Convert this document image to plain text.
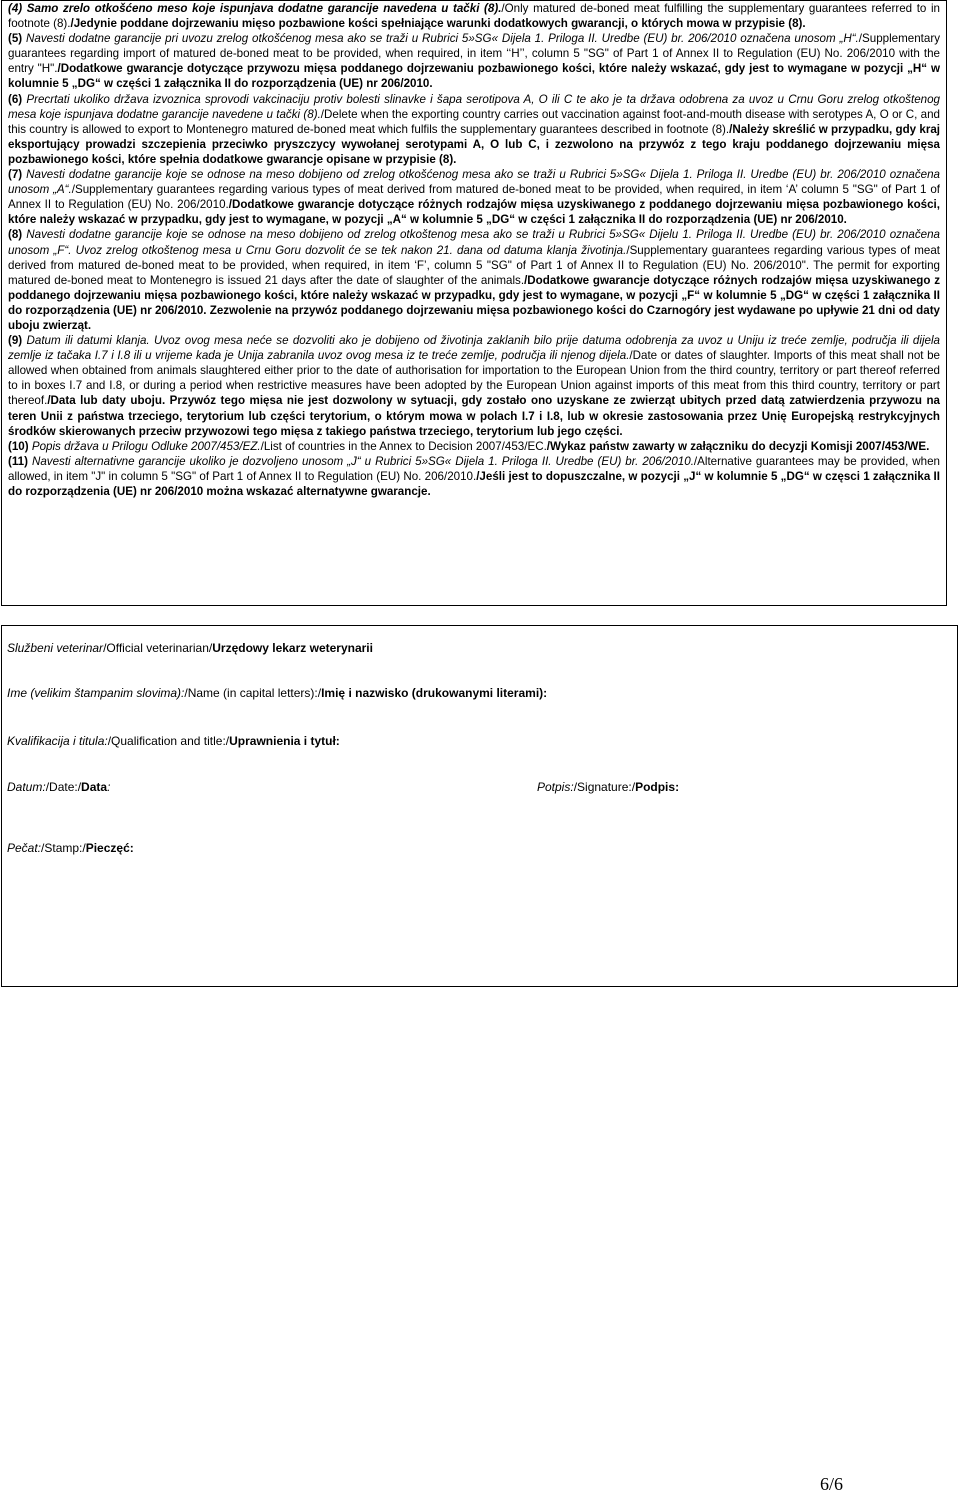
(4) Samo zrelo otkošćeno meso koje ispunjava dodatne garancije navedena u tački (8)./Only matured de-boned meat fulfilling the supplementary guarantees referred to in footnote (8)./Jedynie poddane dojrzewaniu mięso pozbawione kości spełniające warunki dodatkowych gwarancji, o których mowa w przypisie (8).

(5) Navesti dodatne garancije pri uvozu zrelog otkošćenog mesa ako se traži u Rubrici 5»SG« Dijela 1. Priloga II. Uredbe (EU) br. 206/2010 označena unosom „H“./Supplementary guarantees regarding import of matured de-boned meat to be provided, when required, in item ‘‘H’’, column 5 "SG" of Part 1 of Annex II to Regulation (EU) No. 206/2010 with the entry "H"./Dodatkowe gwarancje dotyczące przywozu mięsa poddanego dojrzewaniu pozbawionego kości, które należy wskazać, gdy jest to wymagane w pozycji „H“ w kolumnie 5 „DG“ w części 1 załącznika II do rozporządzenia (UE) nr 206/2010.

(6) Precrtati ukoliko država izvoznica sprovodi vakcinaciju protiv bolesti slinavke i šapa serotipova A, O ili C te ako je ta država odobrena za uvoz u Crnu Goru zrelog otkoštenog mesa koje ispunjava dodatne garancije navedene u tački (8)./Delete when the exporting country carries out vaccination against foot-and-mouth disease with serotypes A, O or C, and this country is allowed to export to Montenegro matured de-boned meat which fulfils the supplementary guarantees described in footnote (8)./Należy skreślić w przypadku, gdy kraj eksportujący prowadzi szczepienia przeciwko pryszczycy wywołanej serotypami A, O lub C, i zezwolono na przywóz z tego kraju poddanego dojrzewaniu mięsa pozbawionego kości, które spełnia dodatkowe gwarancje opisane w przypisie (8).

(7) Navesti dodatne garancije koje se odnose na meso dobijeno od zrelog otkošćenog mesa ako se traži u Rubrici 5»SG« Dijela 1. Priloga II. Uredbe (EU) br. 206/2010 označena unosom „A“./Supplementary guarantees regarding various types of meat derived from matured de-boned meat to be provided, when required, in item ‘A’ column 5 "SG" of Part 1 of Annex II to Regulation (EU) No. 206/2010./Dodatkowe gwarancje dotyczące różnych rodzajów mięsa uzyskiwanego z poddanego dojrzewaniu mięsa pozbawionego kości, które należy wskazać w przypadku, gdy jest to wymagane, w pozycji „A“ w kolumnie 5 „DG“ w części 1 załącznika II do rozporządzenia (UE) nr 206/2010.

(8) Navesti dodatne garancije koje se odnose na meso dobijeno od zrelog otkoštenog mesa ako se traži u Rubrici 5»SG« Dijelu 1. Priloga II. Uredbe (EU) br. 206/2010 označena unosom „F“. Uvoz zrelog otkoštenog mesa u Crnu Goru dozvolit će se tek nakon 21. dana od datuma klanja životinja./Supplementary guarantees regarding various types of meat derived from matured de-boned meat to be provided, when required, in item ‘F’, column 5 "SG" of Part 1 of Annex II to Regulation (EU) No. 206/2010". The permit for exporting matured de-boned meat to Montenegro is issued 21 days after the date of slaughter of the animals./Dodatkowe gwarancje dotyczące różnych rodzajów mięsa uzyskiwanego z poddanego dojrzewaniu mięsa pozbawionego kości, które należy wskazać w przypadku, gdy jest to wymagane, w pozycji „F“ w kolumnie 5 „DG“ w części 1 załącznika II do rozporządzenia (UE) nr 206/2010. Zezwolenie na przywóz poddanego dojrzewaniu mięsa pozbawionego kości do Czarnogóry jest wydawane po upływie 21 dni od daty uboju zwierząt.

(9) Datum ili datumi klanja. Uvoz ovog mesa neće se dozvoliti ako je dobijeno od životinja zaklanih bilo prije datuma odobrenja za uvoz u Uniju iz treće zemlje, područja ili dijela zemlje iz tačaka I.7 i I.8 ili u vrijeme kada je Unija zabranila uvoz ovog mesa iz te treće zemlje, područja ili njenog dijela./Date or dates of slaughter. Imports of this meat shall not be allowed when obtained from animals slaughtered either prior to the date of authorisation for importation to the European Union from the third country, territory or part thereof referred to in boxes I.7 and I.8, or during a period when restrictive measures have been adopted by the European Union against imports of this meat from this third country, territory or part thereof./Data lub daty uboju. Przywóz tego mięsa nie jest dozwolony w sytuacji, gdy zostało ono uzyskane ze zwierząt ubitych przed datą zatwierdzenia przywozu na teren Unii z państwa trzeciego, terytorium lub części terytorium, o którym mowa w polach I.7 i I.8, lub w okresie zastosowania przez Unię Europejską restrykcyjnych środków skierowanych przeciw przywozowi tego mięsa z takiego państwa trzeciego, terytorium lub jego części.

(10) Popis država u Prilogu Odluke 2007/453/EZ./List of countries in the Annex to Decision 2007/453/EC./Wykaz państw zawarty w załączniku do decyzji Komisji 2007/453/WE.

(11) Navesti alternativne garancije ukoliko je dozvoljeno unosom „J“ u Rubrici 5»SG« Dijela 1. Priloga II. Uredbe (EU) br. 206/2010./Alternative guarantees may be provided, when allowed, in item "J" in column 5 "SG" of Part 1 of Annex II to Regulation (EU) No. 206/2010./Jeśli jest to dopuszczalne, w pozycji „J“ w kolumnie 5 „DG“ w częsci 1 załącznika II do rozporządzenia (UE) nr 206/2010 można wskazać alternatywne gwarancje.

Službeni veterinar/Official veterinarian/Urzędowy lekarz weterynarii
Ime (velikim štampanim slovima):/Name (in capital letters):/Imię i nazwisko (drukowanymi literami):
Kvalifikacija i titula:/Qualification and title:/Uprawnienia i tytuł:
Datum:/Date:/Data:	Potpis:/Signature:/Podpis:
Pečat:/Stamp:/Pieczęć:
6/6
